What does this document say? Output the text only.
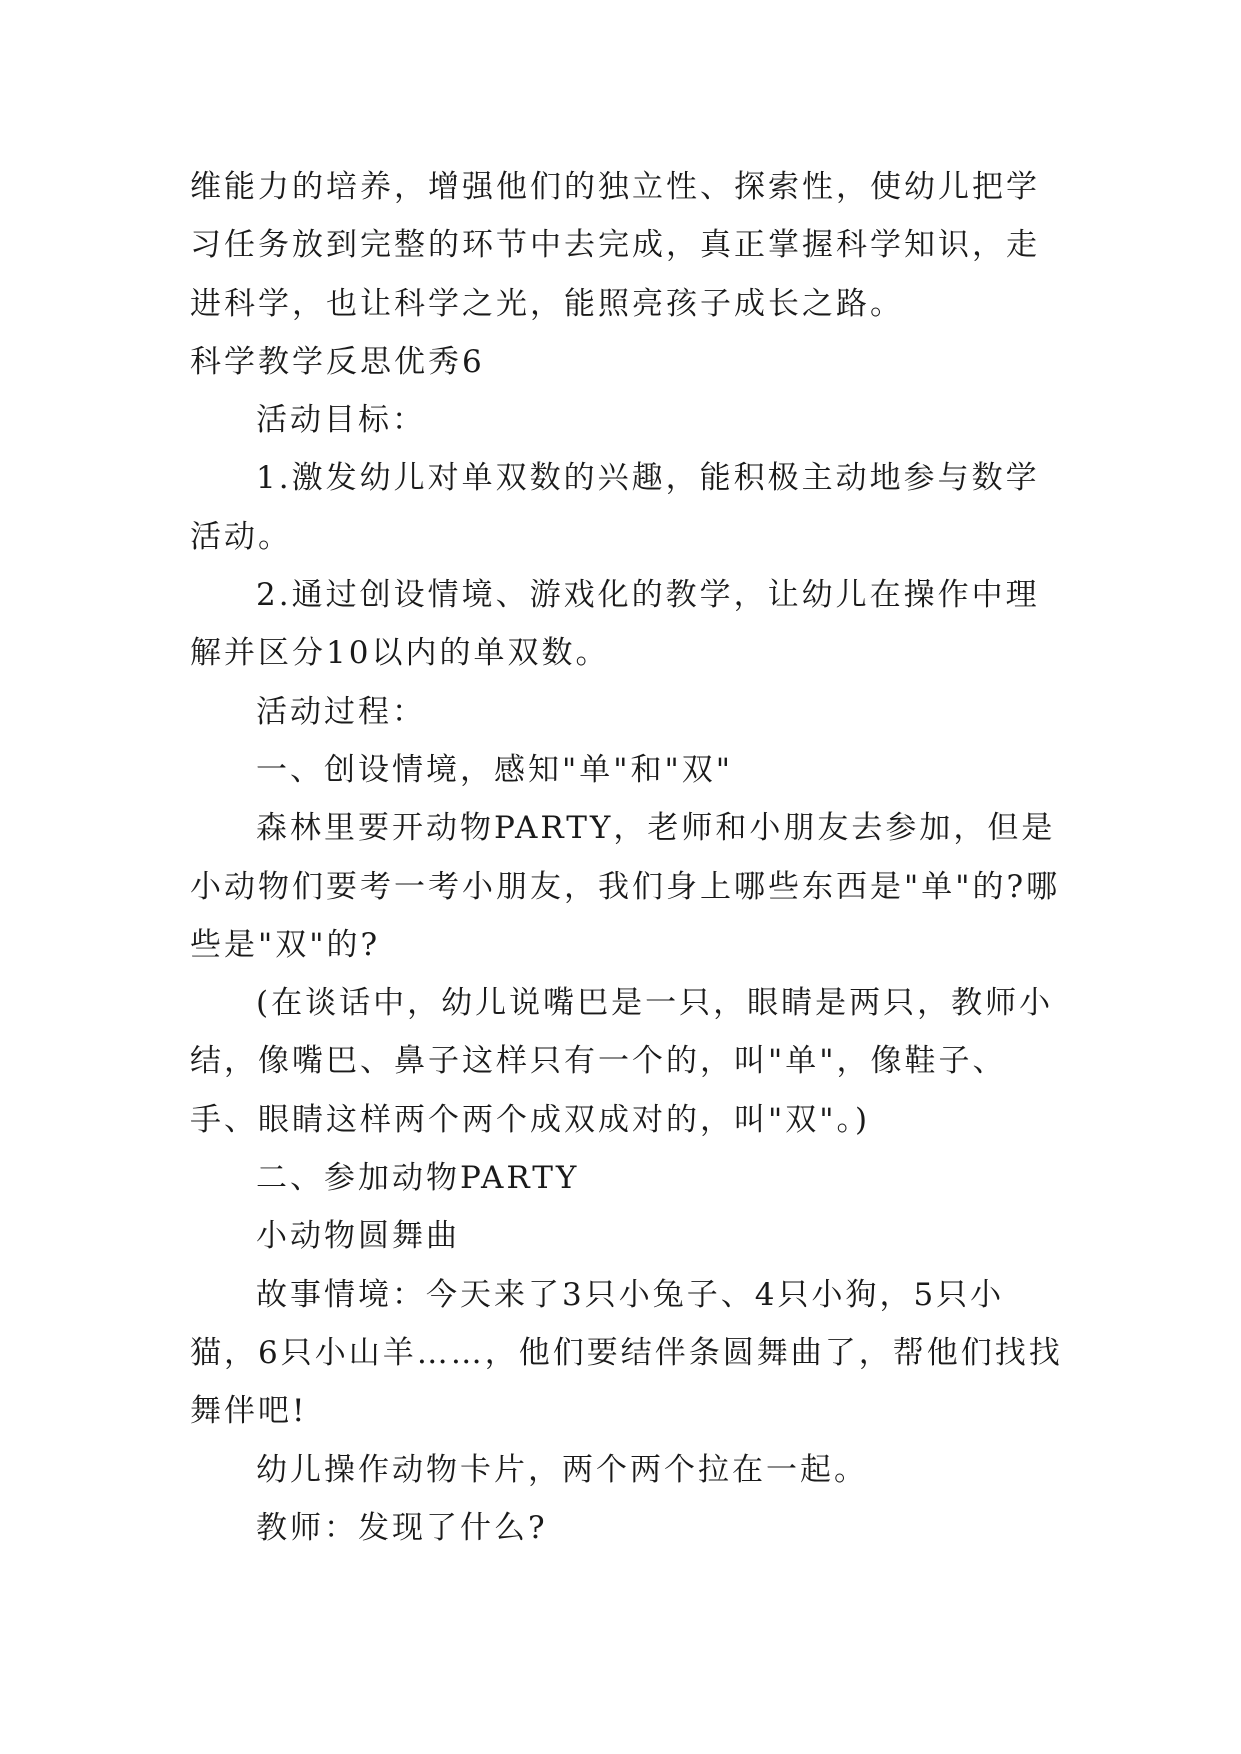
维能力的培养，增强他们的独立性、探索性，使幼儿把学习任务放到完整的环节中去完成，真正掌握科学知识，走进科学，也让科学之光，能照亮孩子成长之路。

科学教学反思优秀6

活动目标：

1.激发幼儿对单双数的兴趣，能积极主动地参与数学活动。

2.通过创设情境、游戏化的教学，让幼儿在操作中理解并区分10以内的单双数。

活动过程：

一、创设情境，感知"单"和"双"

森林里要开动物PARTY，老师和小朋友去参加，但是小动物们要考一考小朋友，我们身上哪些东西是"单"的?哪些是"双"的?

(在谈话中，幼儿说嘴巴是一只，眼睛是两只，教师小结，像嘴巴、鼻子这样只有一个的，叫"单"，像鞋子、手、眼睛这样两个两个成双成对的，叫"双"。)

二、参加动物PARTY

小动物圆舞曲

故事情境：今天来了3只小兔子、4只小狗，5只小猫，6只小山羊……，他们要结伴条圆舞曲了，帮他们找找舞伴吧!

幼儿操作动物卡片，两个两个拉在一起。

教师：发现了什么?
